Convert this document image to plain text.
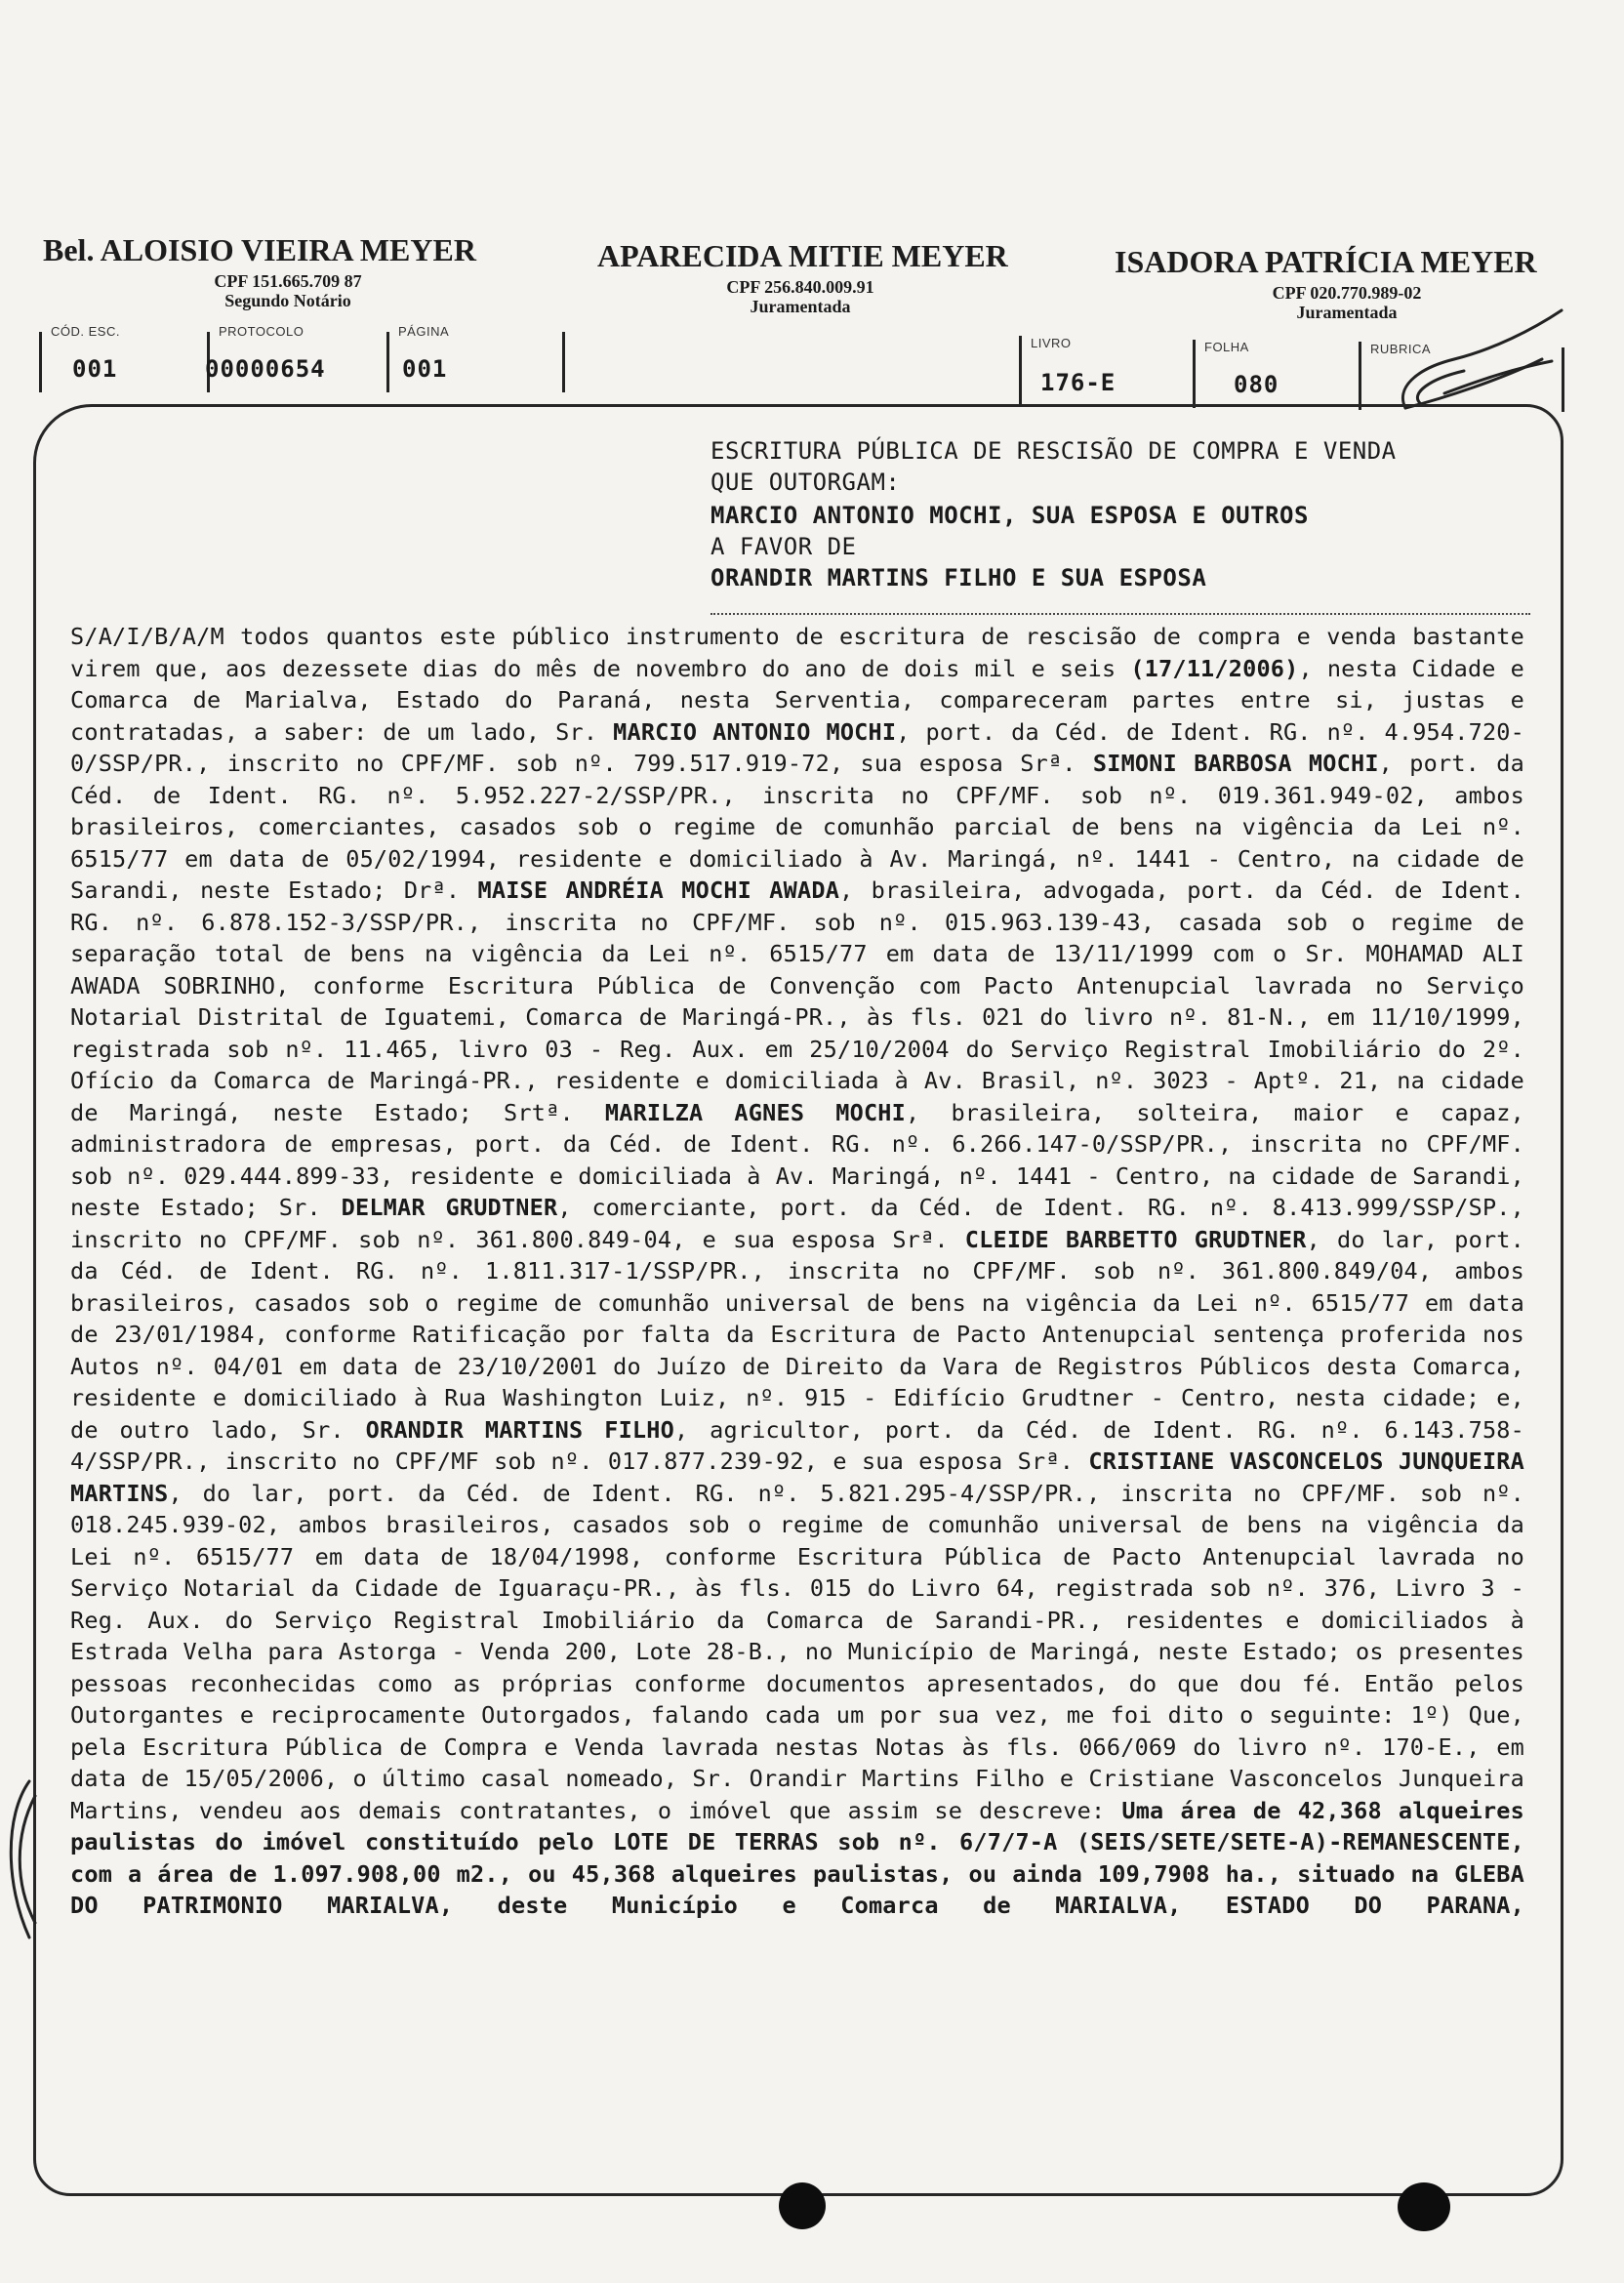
Bel. ALOISIO VIEIRA MEYER
CPF 151.665.709 87
Segundo Notário
APARECIDA MITIE MEYER
CPF 256.840.009.91
Juramentada
ISADORA PATRÍCIA MEYER
CPF 020.770.989-02
Juramentada
CÓD. ESC.
001
PROTOCOLO
00000654
PÁGINA
001
LIVRO
176-E
FOLHA
080
RUBRICA
ESCRITURA PÚBLICA DE RESCISÃO DE COMPRA E VENDA
QUE OUTORGAM:
MARCIO ANTONIO MOCHI, SUA ESPOSA E OUTROS
A FAVOR DE
ORANDIR MARTINS FILHO E SUA ESPOSA
S/A/I/B/A/M todos quantos este público instrumento de escritura de rescisão de compra e venda bastante virem que, aos dezessete dias do mês de novembro do ano de dois mil e seis (17/11/2006), nesta Cidade e Comarca de Marialva, Estado do Paraná, nesta Serventia, compareceram partes entre si, justas e contratadas, a saber: de um lado, Sr. MARCIO ANTONIO MOCHI, port. da Céd. de Ident. RG. nº. 4.954.720-0/SSP/PR., inscrito no CPF/MF. sob nº. 799.517.919-72, sua esposa Srª. SIMONI BARBOSA MOCHI, port. da Céd. de Ident. RG. nº. 5.952.227-2/SSP/PR., inscrita no CPF/MF. sob nº. 019.361.949-02, ambos brasileiros, comerciantes, casados sob o regime de comunhão parcial de bens na vigência da Lei nº. 6515/77 em data de 05/02/1994, residente e domiciliado à Av. Maringá, nº. 1441 - Centro, na cidade de Sarandi, neste Estado; Drª. MAISE ANDRÉIA MOCHI AWADA, brasileira, advogada, port. da Céd. de Ident. RG. nº. 6.878.152-3/SSP/PR., inscrita no CPF/MF. sob nº. 015.963.139-43, casada sob o regime de separação total de bens na vigência da Lei nº. 6515/77 em data de 13/11/1999 com o Sr. MOHAMAD ALI AWADA SOBRINHO, conforme Escritura Pública de Convenção com Pacto Antenupcial lavrada no Serviço Notarial Distrital de Iguatemi, Comarca de Maringá-PR., às fls. 021 do livro nº. 81-N., em 11/10/1999, registrada sob nº. 11.465, livro 03 - Reg. Aux. em 25/10/2004 do Serviço Registral Imobiliário do 2º. Ofício da Comarca de Maringá-PR., residente e domiciliada à Av. Brasil, nº. 3023 - Aptº. 21, na cidade de Maringá, neste Estado; Srtª. MARILZA AGNES MOCHI, brasileira, solteira, maior e capaz, administradora de empresas, port. da Céd. de Ident. RG. nº. 6.266.147-0/SSP/PR., inscrita no CPF/MF. sob nº. 029.444.899-33, residente e domiciliada à Av. Maringá, nº. 1441 - Centro, na cidade de Sarandi, neste Estado; Sr. DELMAR GRUDTNER, comerciante, port. da Céd. de Ident. RG. nº. 8.413.999/SSP/SP., inscrito no CPF/MF. sob nº. 361.800.849-04, e sua esposa Srª. CLEIDE BARBETTO GRUDTNER, do lar, port. da Céd. de Ident. RG. nº. 1.811.317-1/SSP/PR., inscrita no CPF/MF. sob nº. 361.800.849/04, ambos brasileiros, casados sob o regime de comunhão universal de bens na vigência da Lei nº. 6515/77 em data de 23/01/1984, conforme Ratificação por falta da Escritura de Pacto Antenupcial sentença proferida nos Autos nº. 04/01 em data de 23/10/2001 do Juízo de Direito da Vara de Registros Públicos desta Comarca, residente e domiciliado à Rua Washington Luiz, nº. 915 - Edifício Grudtner - Centro, nesta cidade; e, de outro lado, Sr. ORANDIR MARTINS FILHO, agricultor, port. da Céd. de Ident. RG. nº. 6.143.758-4/SSP/PR., inscrito no CPF/MF sob nº. 017.877.239-92, e sua esposa Srª. CRISTIANE VASCONCELOS JUNQUEIRA MARTINS, do lar, port. da Céd. de Ident. RG. nº. 5.821.295-4/SSP/PR., inscrita no CPF/MF. sob nº. 018.245.939-02, ambos brasileiros, casados sob o regime de comunhão universal de bens na vigência da Lei nº. 6515/77 em data de 18/04/1998, conforme Escritura Pública de Pacto Antenupcial lavrada no Serviço Notarial da Cidade de Iguaraçu-PR., às fls. 015 do Livro 64, registrada sob nº. 376, Livro 3 - Reg. Aux. do Serviço Registral Imobiliário da Comarca de Sarandi-PR., residentes e domiciliados à Estrada Velha para Astorga - Venda 200, Lote 28-B., no Município de Maringá, neste Estado; os presentes pessoas reconhecidas como as próprias conforme documentos apresentados, do que dou fé. Então pelos Outorgantes e reciprocamente Outorgados, falando cada um por sua vez, me foi dito o seguinte: 1º) Que, pela Escritura Pública de Compra e Venda lavrada nestas Notas às fls. 066/069 do livro nº. 170-E., em data de 15/05/2006, o último casal nomeado, Sr. Orandir Martins Filho e Cristiane Vasconcelos Junqueira Martins, vendeu aos demais contratantes, o imóvel que assim se descreve: Uma área de 42,368 alqueires paulistas do imóvel constituído pelo LOTE DE TERRAS sob nº. 6/7/7-A (SEIS/SETE/SETE-A)-REMANESCENTE, com a área de 1.097.908,00 m2., ou 45,368 alqueires paulistas, ou ainda 109,7908 ha., situado na GLEBA DO PATRIMONIO MARIALVA, deste Município e Comarca de MARIALVA, ESTADO DO PARANA,
